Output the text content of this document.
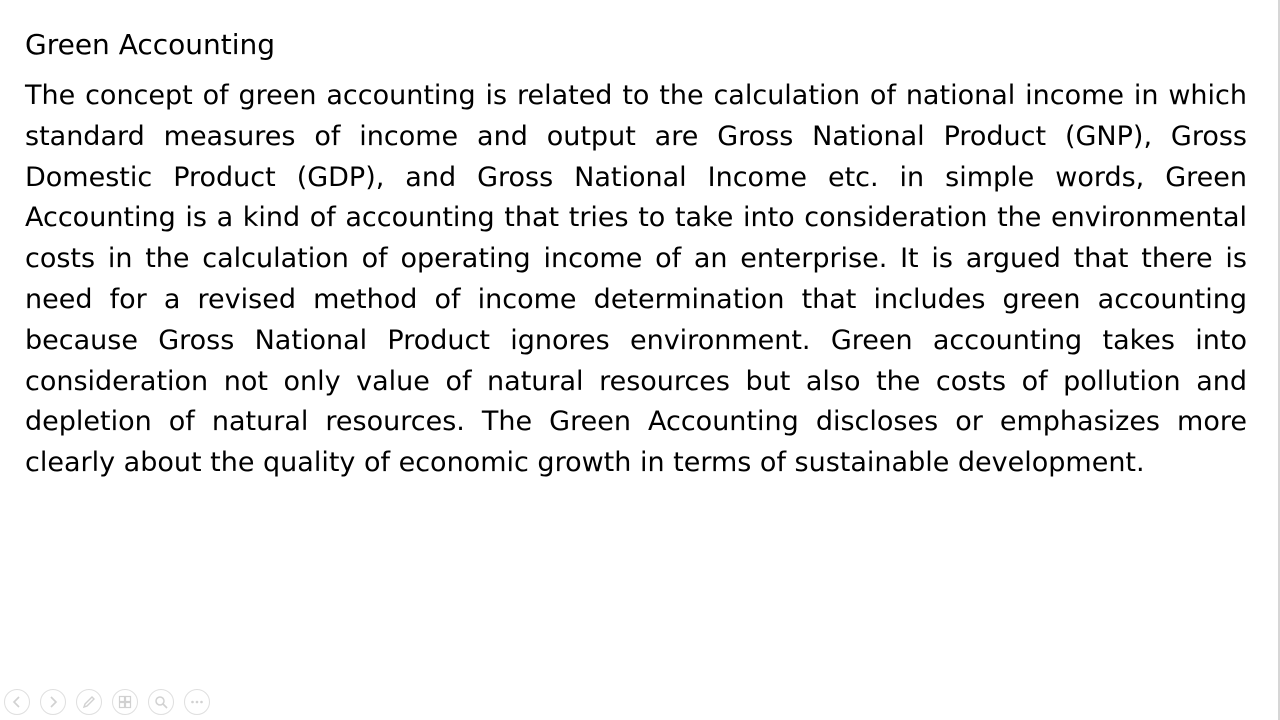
Green Accounting

The concept of green accounting is related to the calculation of national income in which standard measures of income and output are Gross National Product (GNP), Gross Domestic Product (GDP), and Gross National Income etc. in simple words, Green Accounting is a kind of accounting that tries to take into consideration the environmental costs in the calculation of operating income of an enterprise. It is argued that there is need for a revised method of income determination that includes green accounting because Gross National Product ignores environment. Green accounting takes into consideration not only value of natural resources but also the costs of pollution and depletion of natural resources. The Green Accounting discloses or emphasizes more clearly about the quality of economic growth in terms of sustainable development.
